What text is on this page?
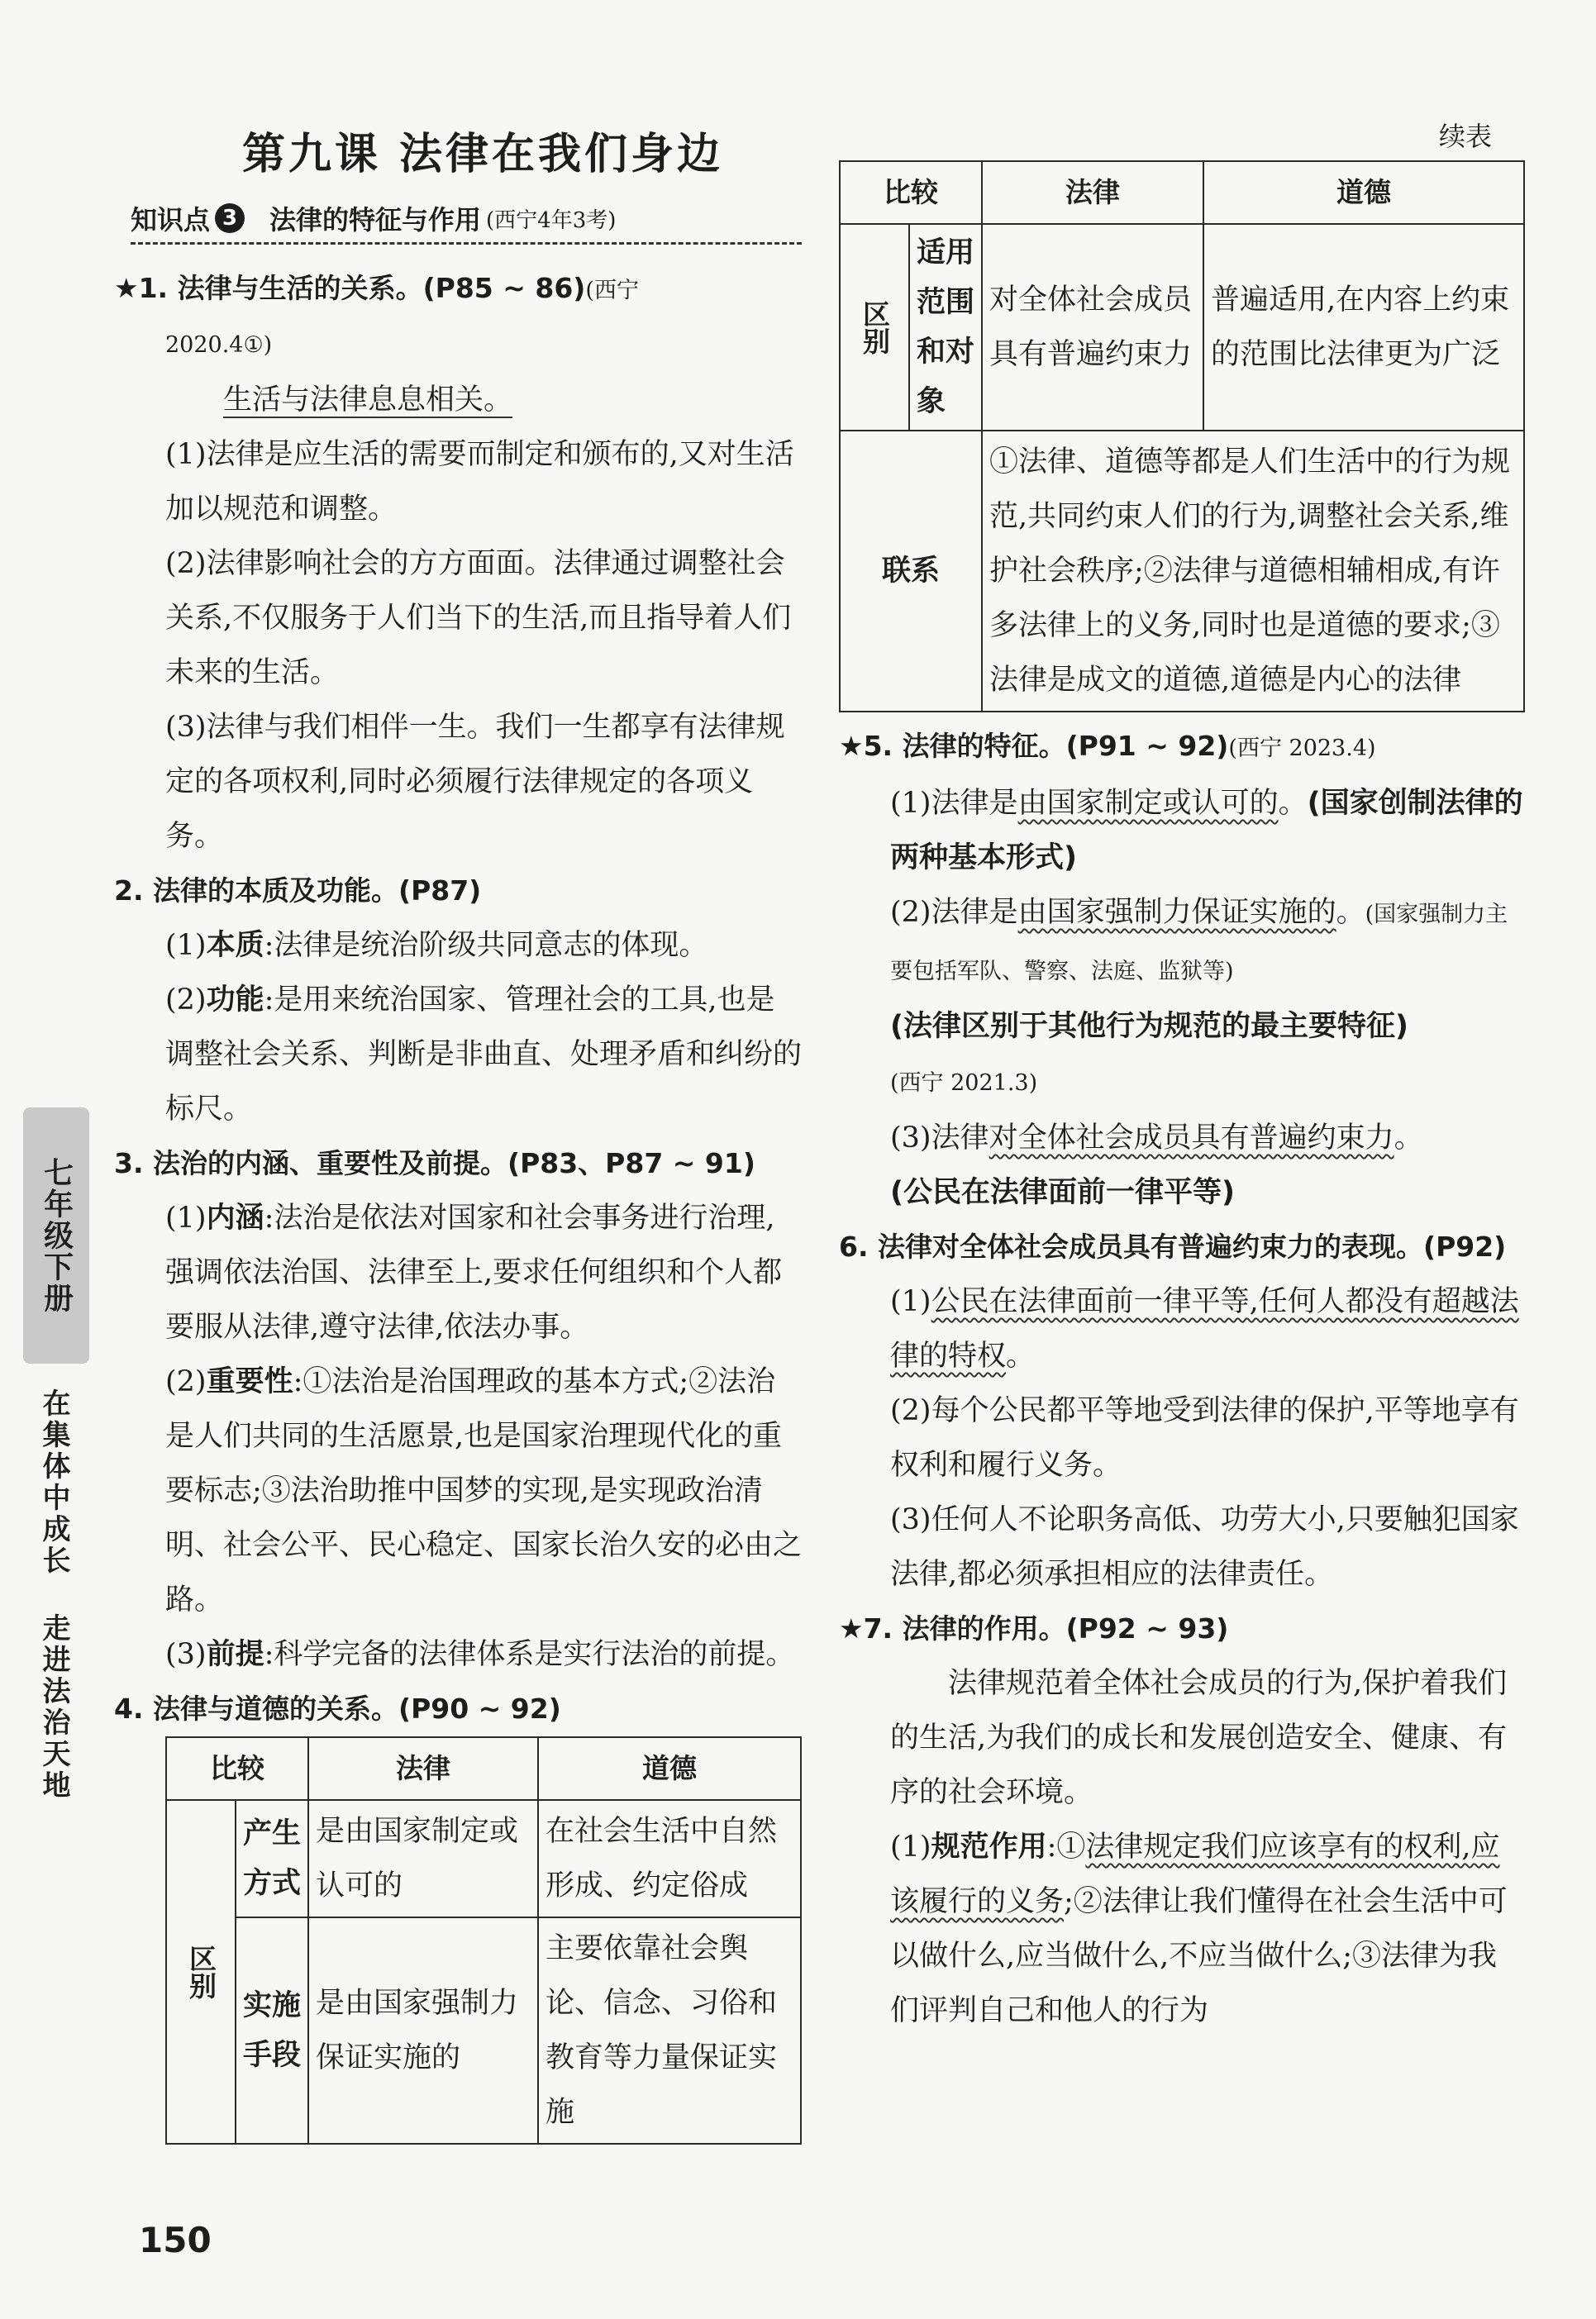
第九课 法律在我们身边
知识点 3 法律的特征与作用 (西宁4年3考)

★1. 法律与生活的关系。(P85 ~ 86)(西宁

2020.4①)

生活与法律息息相关。

(1)法律是应生活的需要而制定和颁布的,又对生活加以规范和调整。

(2)法律影响社会的方方面面。法律通过调整社会关系,不仅服务于人们当下的生活,而且指导着人们未来的生活。

(3)法律与我们相伴一生。我们一生都享有法律规定的各项权利,同时必须履行法律规定的各项义务。

2. 法律的本质及功能。(P87)

(1)本质:法律是统治阶级共同意志的体现。

(2)功能:是用来统治国家、管理社会的工具,也是调整社会关系、判断是非曲直、处理矛盾和纠纷的标尺。

3. 法治的内涵、重要性及前提。(P83、P87 ~ 91)

(1)内涵:法治是依法对国家和社会事务进行治理,强调依法治国、法律至上,要求任何组织和个人都要服从法律,遵守法律,依法办事。

(2)重要性:①法治是治国理政的基本方式;②法治是人们共同的生活愿景,也是国家治理现代化的重要标志;③法治助推中国梦的实现,是实现政治清明、社会公平、民心稳定、国家长治久安的必由之路。

(3)前提:科学完备的法律体系是实行法治的前提。

4. 法律与道德的关系。(P90 ~ 92)

比较		法律	道德

区别	产生方式	是由国家制定或认可的	在社会生活中自然形成、约定俗成
	实施手段	是由国家强制力保证实施的	主要依靠社会舆论、信念、习俗和教育等力量保证实施
续表
比较		法律	道德

区别	适用范围和对象	对全体社会成员具有普遍约束力	普遍适用,在内容上约束的范围比法律更为广泛
联系		①法律、道德等都是人们生活中的行为规范,共同约束人们的行为,调整社会关系,维护社会秩序;②法律与道德相辅相成,有许多法律上的义务,同时也是道德的要求;③法律是成文的道德,道德是内心的法律	

★5. 法律的特征。(P91 ~ 92)(西宁 2023.4)

(1)法律是由国家制定或认可的。(国家创制法律的两种基本形式)

(2)法律是由国家强制力保证实施的。(国家强制力主要包括军队、警察、法庭、监狱等)
(法律区别于其他行为规范的最主要特征)
(西宁 2021.3)

(3)法律对全体社会成员具有普遍约束力。
(公民在法律面前一律平等)

6. 法律对全体社会成员具有普遍约束力的表现。(P92)

(1)公民在法律面前一律平等,任何人都没有超越法律的特权。

(2)每个公民都平等地受到法律的保护,平等地享有权利和履行义务。

(3)任何人不论职务高低、功劳大小,只要触犯国家法律,都必须承担相应的法律责任。

★7. 法律的作用。(P92 ~ 93)

法律规范着全体社会成员的行为,保护着我们的生活,为我们的成长和发展创造安全、健康、有序的社会环境。

(1)规范作用:①法律规定我们应该享有的权利,应该履行的义务;②法律让我们懂得在社会生活中可以做什么,应当做什么,不应当做什么;③法律为我们评判自己和他人的行为

七年级下册
在集体中成长 走进法治天地
150
